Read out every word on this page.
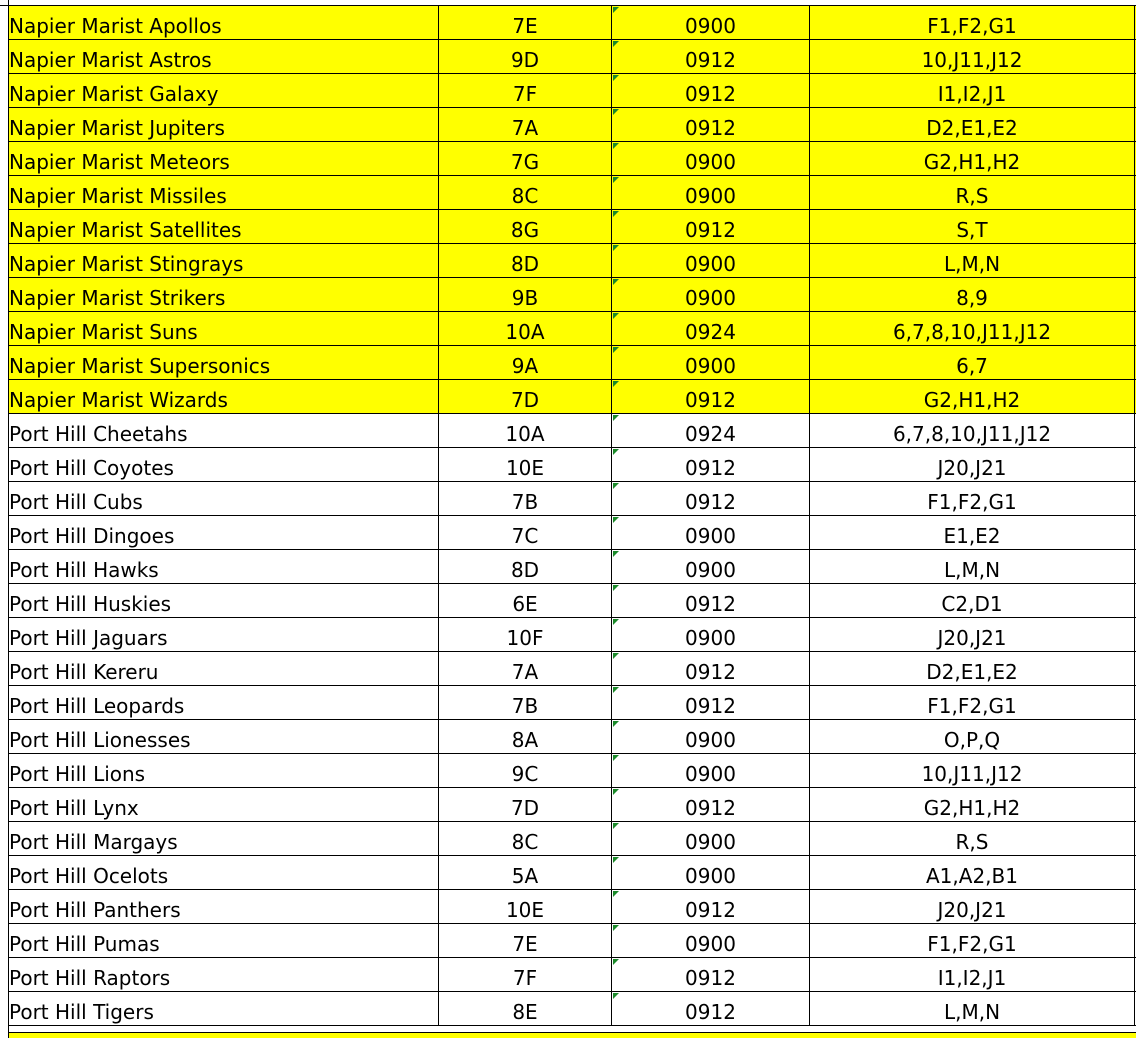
Napier Marist Apollos	7E	0900	F1,F2,G1	
Napier Marist Astros	9D	0912	10,J11,J12	
Napier Marist Galaxy	7F	0912	I1,I2,J1	
Napier Marist Jupiters	7A	0912	D2,E1,E2	
Napier Marist Meteors	7G	0900	G2,H1,H2	
Napier Marist Missiles	8C	0900	R,S	
Napier Marist Satellites	8G	0912	S,T	
Napier Marist Stingrays	8D	0900	L,M,N	
Napier Marist Strikers	9B	0900	8,9	
Napier Marist Suns	10A	0924	6,7,8,10,J11,J12	
Napier Marist Supersonics	9A	0900	6,7	
Napier Marist Wizards	7D	0912	G2,H1,H2	
Port Hill Cheetahs	10A	0924	6,7,8,10,J11,J12	
Port Hill Coyotes	10E	0912	J20,J21	
Port Hill Cubs	7B	0912	F1,F2,G1	
Port Hill Dingoes	7C	0900	E1,E2	
Port Hill Hawks	8D	0900	L,M,N	
Port Hill Huskies	6E	0912	C2,D1	
Port Hill Jaguars	10F	0900	J20,J21	
Port Hill Kereru	7A	0912	D2,E1,E2	
Port Hill Leopards	7B	0912	F1,F2,G1	
Port Hill Lionesses	8A	0900	O,P,Q	
Port Hill Lions	9C	0900	10,J11,J12	
Port Hill Lynx	7D	0912	G2,H1,H2	
Port Hill Margays	8C	0900	R,S	
Port Hill Ocelots	5A	0900	A1,A2,B1	
Port Hill Panthers	10E	0912	J20,J21	
Port Hill Pumas	7E	0900	F1,F2,G1	
Port Hill Raptors	7F	0912	I1,I2,J1	
Port Hill Tigers	8E	0912	L,M,N	
